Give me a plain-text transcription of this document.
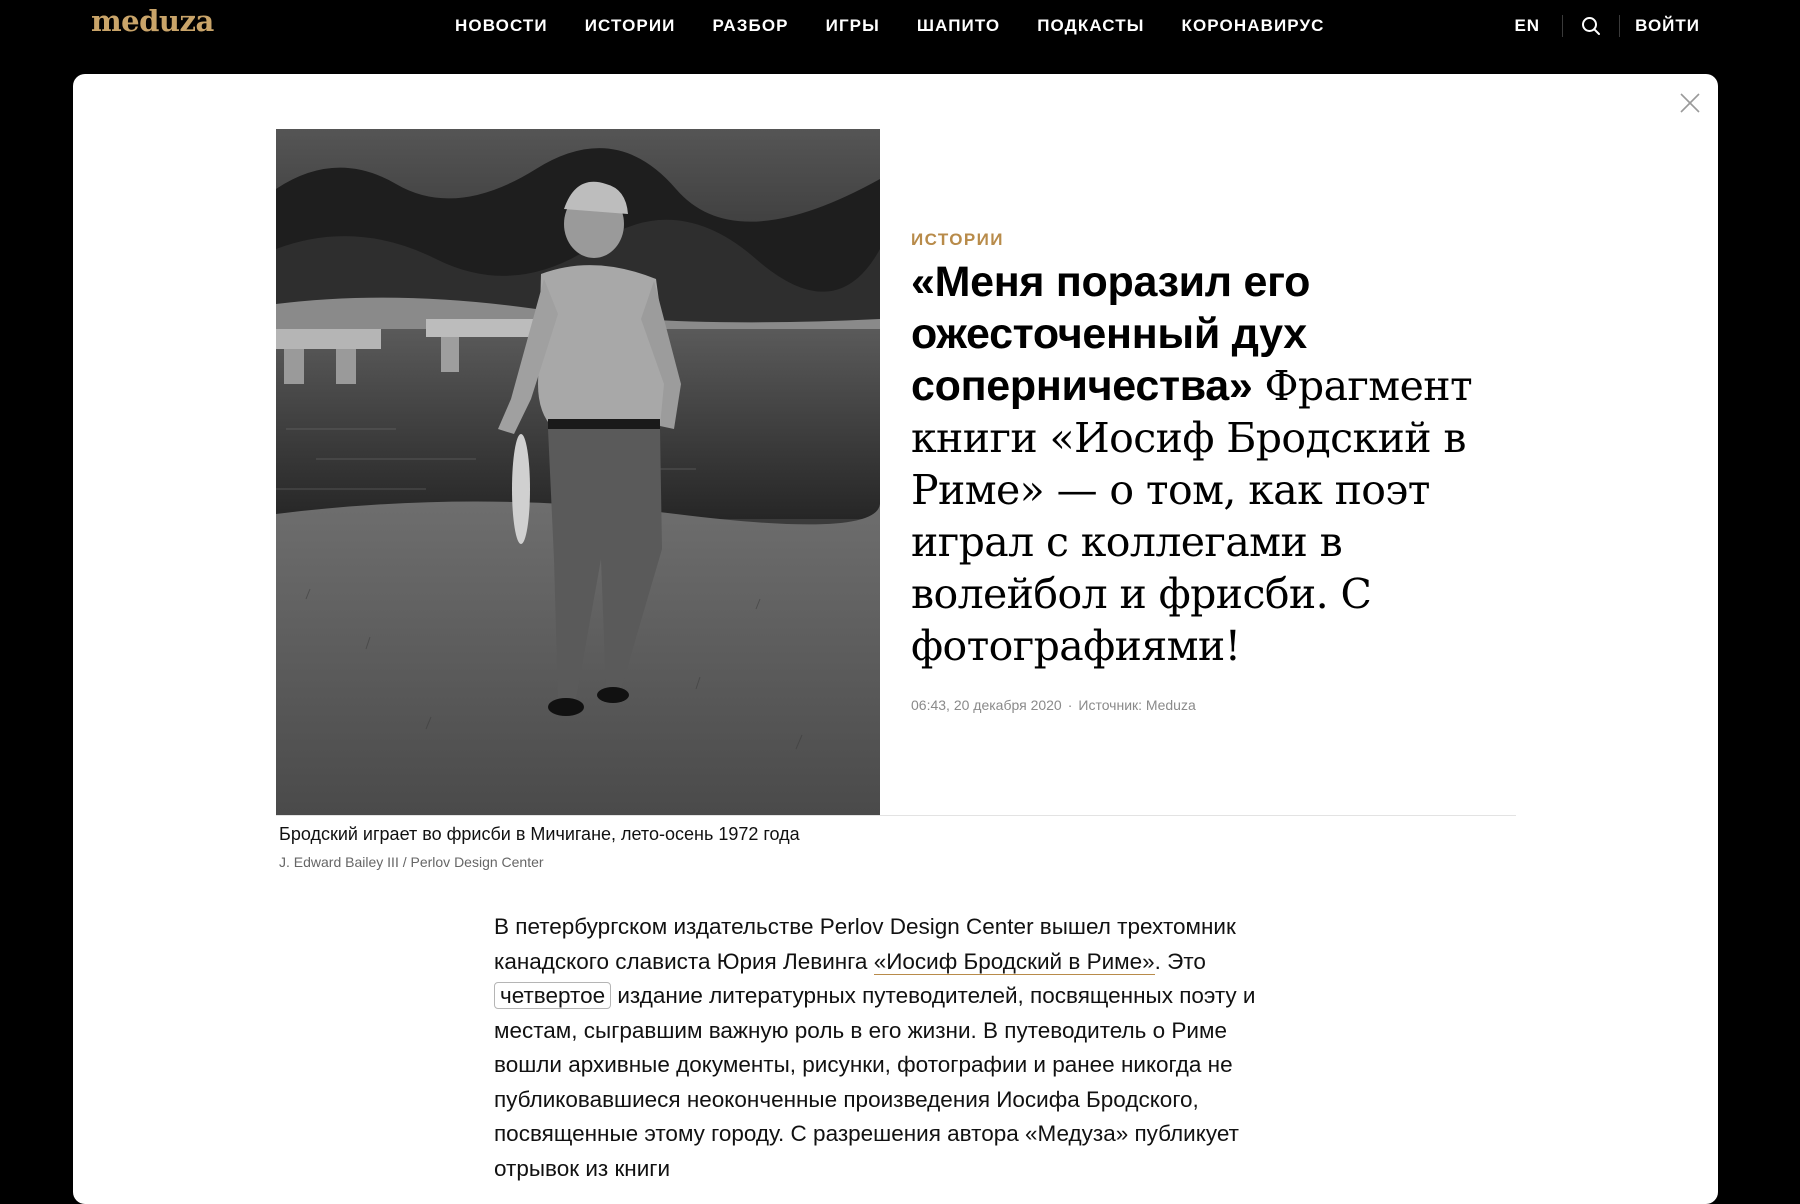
meduza	НОВОСТИ ИСТОРИИ РАЗБОР ИГРЫ ШАПИТО ПОДКАСТЫ КОРОНАВИРУС	EN	ВОЙТИ
ИСТОРИИ
«Меня поразил его ожесточенный дух соперничества» Фрагмент книги «Иосиф Бродский в Риме» — о том, как поэт играл с коллегами в волейбол и фрисби. С фотографиями!
06:43, 20 декабря 2020 · Источник: Meduza
Бродский играет во фрисби в Мичигане, лето-осень 1972 года
J. Edward Bailey III / Perlov Design Center

В петербургском издательстве Perlov Design Center вышел трехтомник канадского слависта Юрия Левинга «Иосиф Бродский в Риме». Это четвертое издание литературных путеводителей, посвященных поэту и местам, сыгравшим важную роль в его жизни. В путеводитель о Риме вошли архивные документы, рисунки, фотографии и ранее никогда не публиковавшиеся неоконченные произведения Иосифа Бродского, посвященные этому городу. С разрешения автора «Медуза» публикует отрывок из книги
